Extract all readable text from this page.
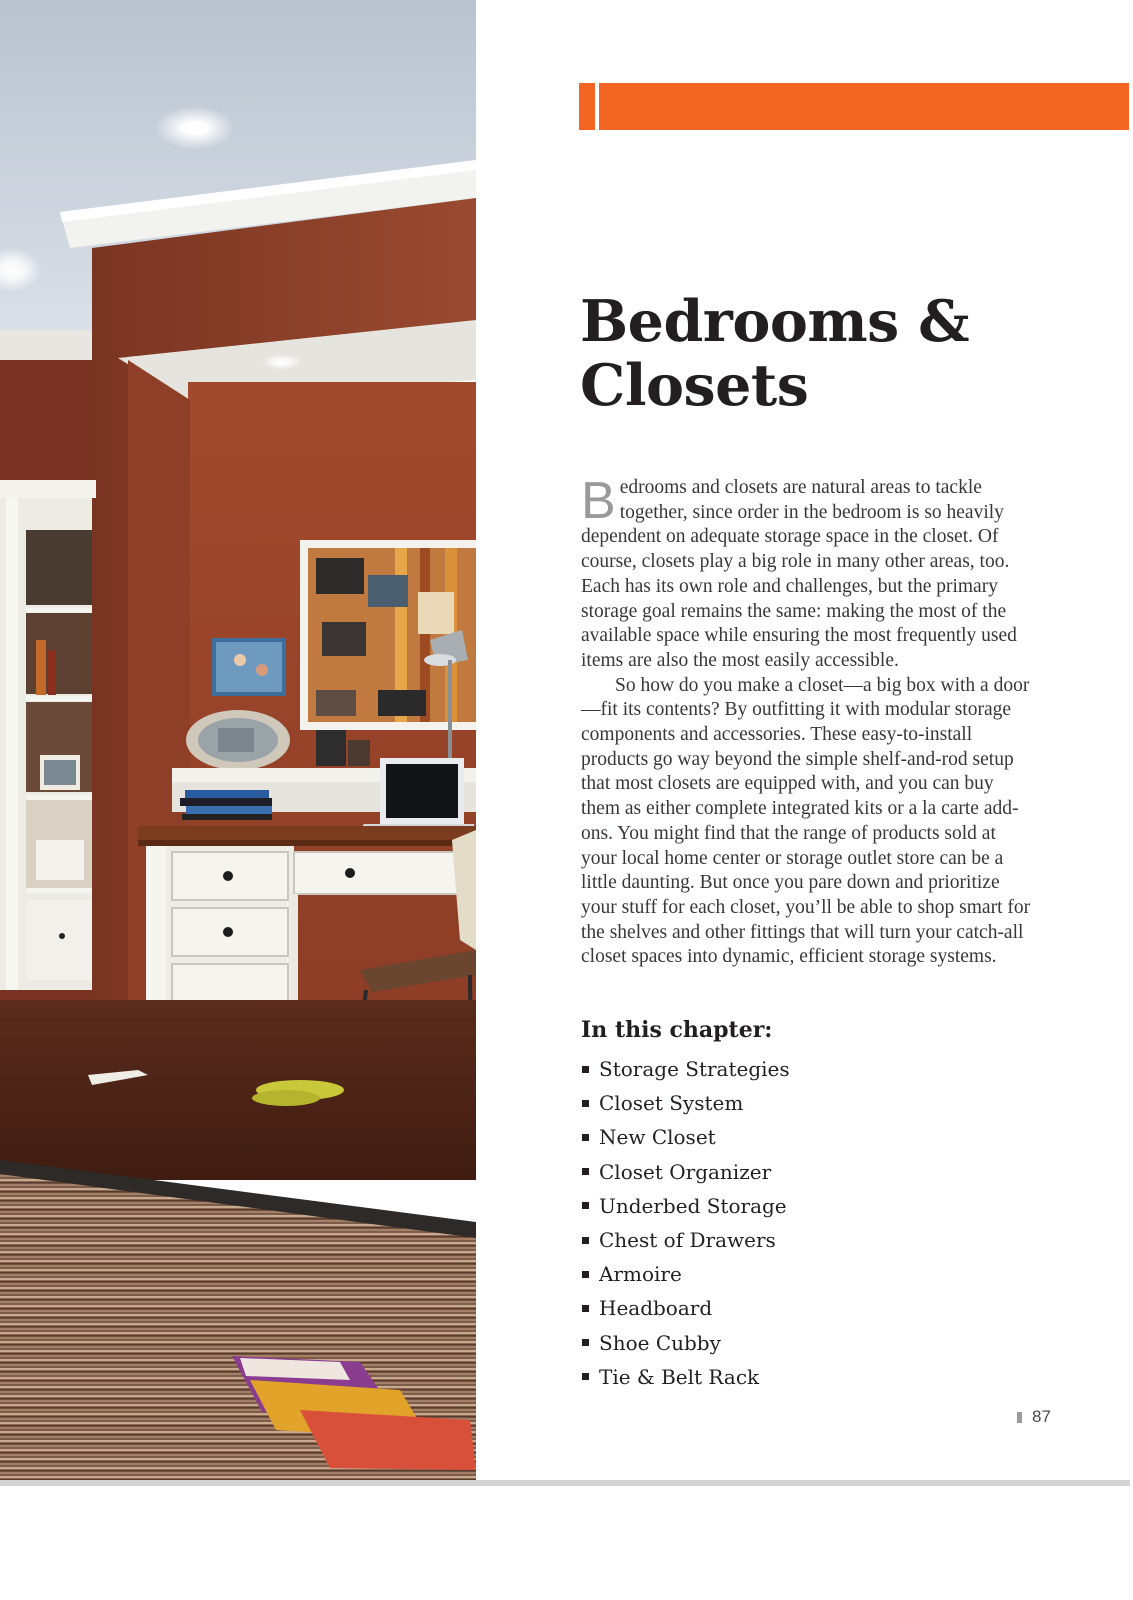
Bedrooms & Closets

Bedrooms and closets are natural areas to tackle together, since order in the bedroom is so heavily dependent on adequate storage space in the closet. Of course, closets play a big role in many other areas, too. Each has its own role and challenges, but the primary storage goal remains the same: making the most of the available space while ensuring the most frequently used items are also the most easily accessible.

So how do you make a closet—a big box with a door—fit its contents? By outfitting it with modular storage components and accessories. These easy-to-install products go way beyond the simple shelf-and-rod setup that most closets are equipped with, and you can buy them as either complete integrated kits or a la carte add-ons. You might find that the range of products sold at your local home center or storage outlet store can be a little daunting. But once you pare down and prioritize your stuff for each closet, you’ll be able to shop smart for the shelves and other fittings that will turn your catch-all closet spaces into dynamic, efficient storage systems.

In this chapter:
Storage Strategies
Closet System
New Closet
Closet Organizer
Underbed Storage
Chest of Drawers
Armoire
Headboard
Shoe Cubby
Tie & Belt Rack
87
